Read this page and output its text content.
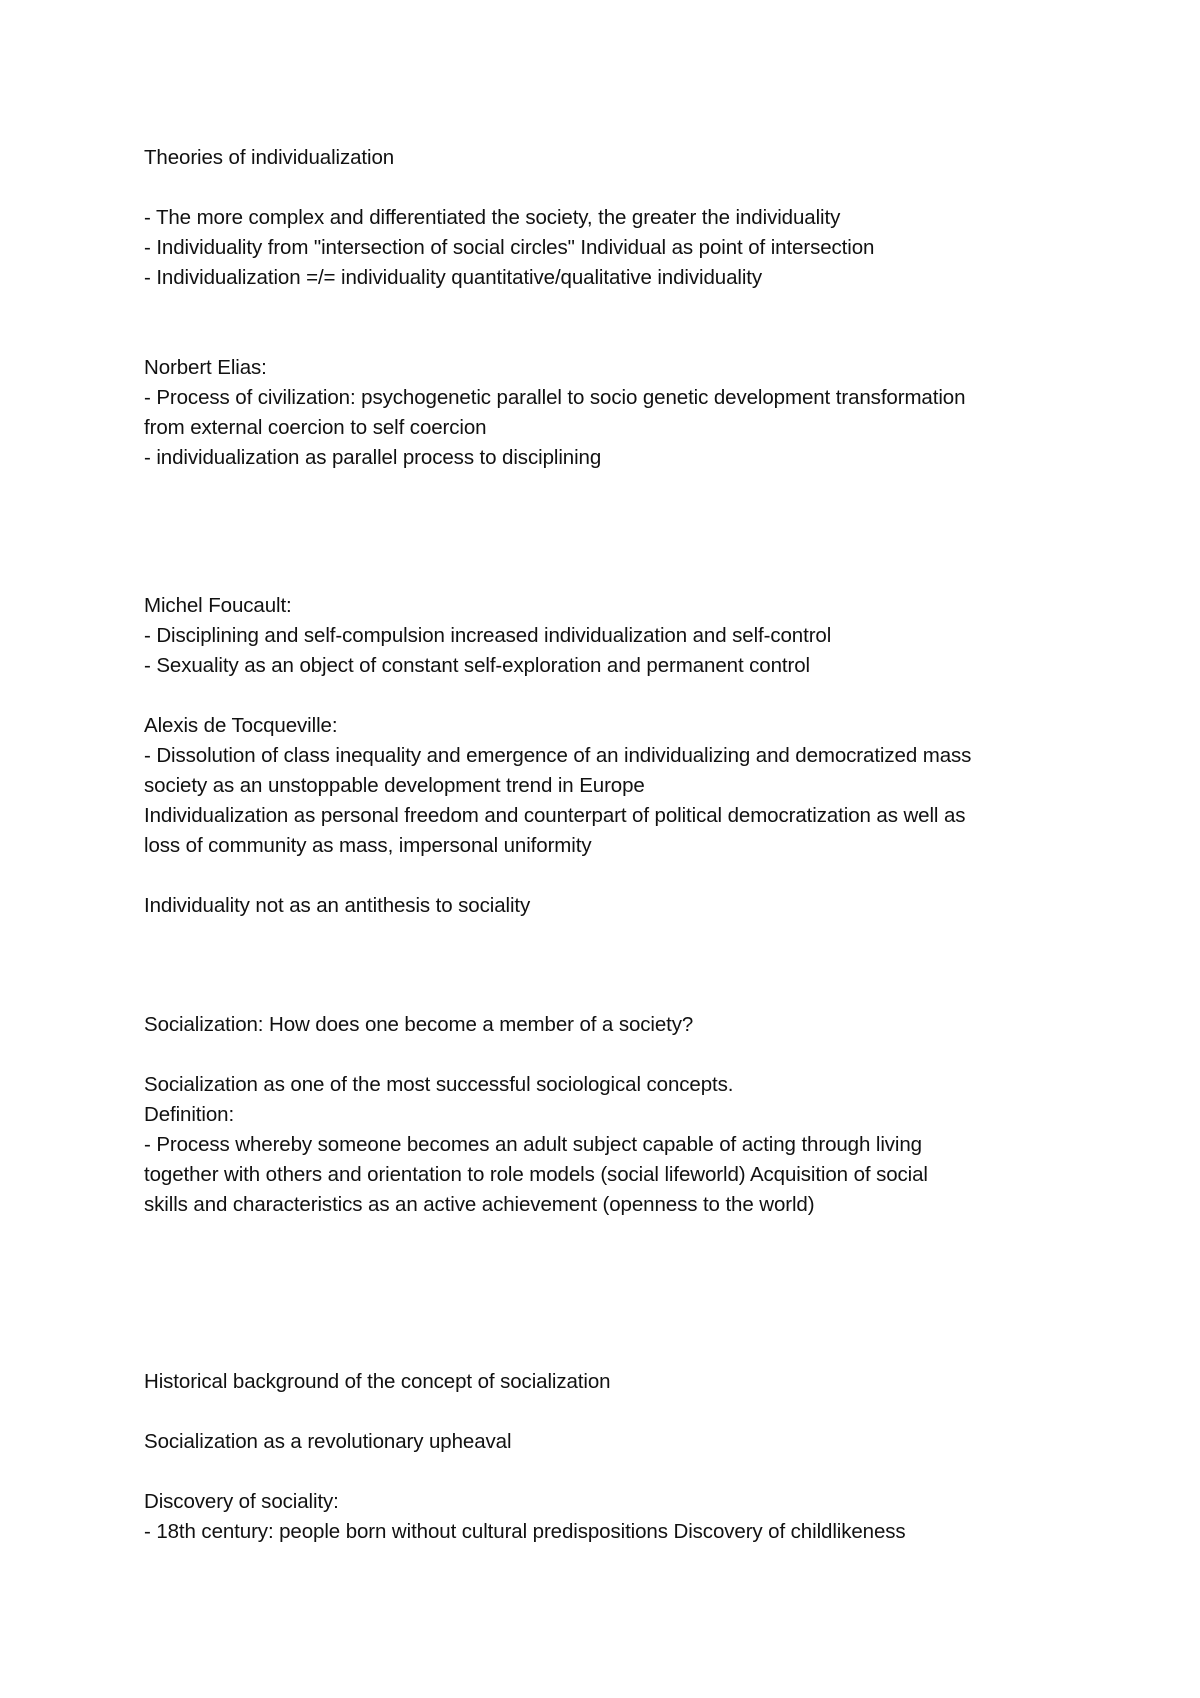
Theories of individualization
- The more complex and differentiated the society, the greater the individuality
- Individuality from "intersection of social circles" Individual as point of intersection
- Individualization =/= individuality quantitative/qualitative individuality
Norbert Elias:
- Process of civilization: psychogenetic parallel to socio genetic development transformation
from external coercion to self coercion
- individualization as parallel process to disciplining
Michel Foucault:
- Disciplining and self-compulsion increased individualization and self-control
- Sexuality as an object of constant self-exploration and permanent control
Alexis de Tocqueville:
- Dissolution of class inequality and emergence of an individualizing and democratized mass
society as an unstoppable development trend in Europe
Individualization as personal freedom and counterpart of political democratization as well as
loss of community as mass, impersonal uniformity
Individuality not as an antithesis to sociality
Socialization: How does one become a member of a society?
Socialization as one of the most successful sociological concepts.
Definition:
- Process whereby someone becomes an adult subject capable of acting through living
together with others and orientation to role models (social lifeworld) Acquisition of social
skills and characteristics as an active achievement (openness to the world)
Historical background of the concept of socialization
Socialization as a revolutionary upheaval
Discovery of sociality:
- 18th century: people born without cultural predispositions Discovery of childlikeness
